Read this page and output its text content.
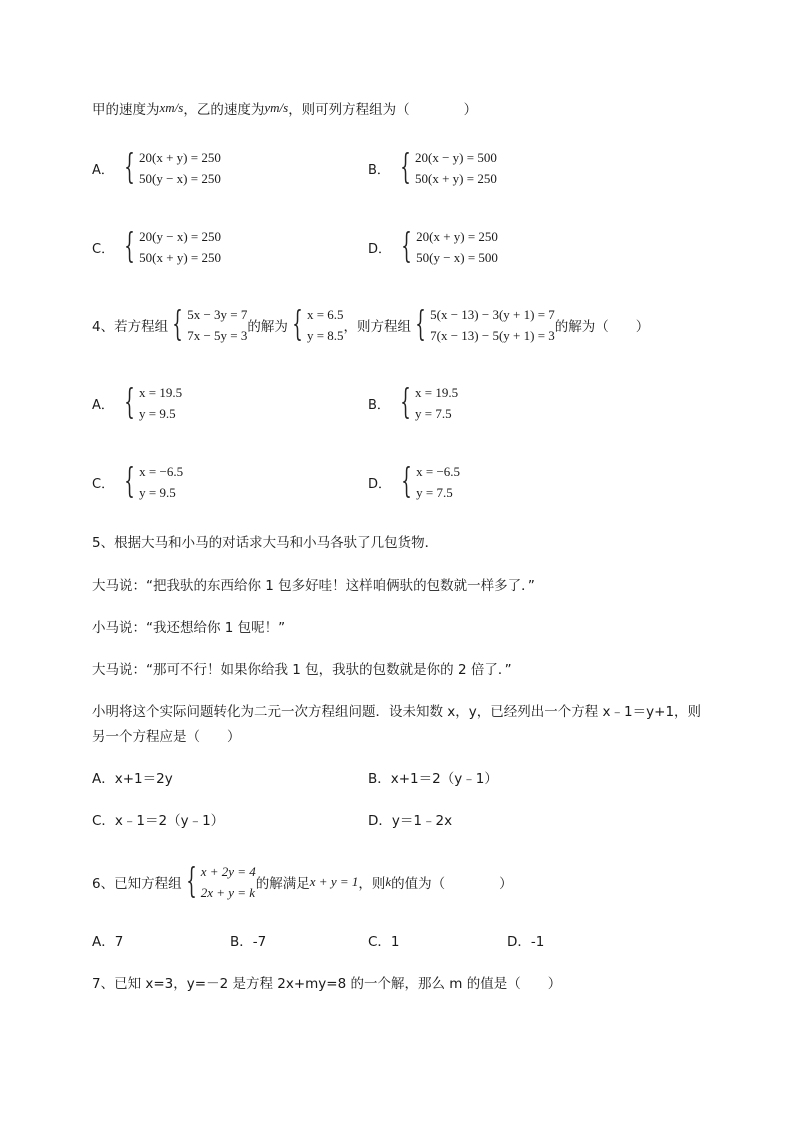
甲的速度为 xm/s ，乙的速度为 ym/s ，则可列方程组为（　　　　）
A． { 20(x + y) = 250
50(y − x) = 250
B． { 20(x − y) = 500
50(x + y) = 250
C． { 20(y − x) = 250
50(x + y) = 250
D． { 20(x + y) = 250
50(y − x) = 500
4、若方程组 { 5x − 3y = 7
7x − 5y = 3
的解为 { x = 6.5
y = 8.5
，则方程组 { 5(x − 13) − 3(y + 1) = 7
7(x − 13) − 5(y + 1) = 3
的解为（　　）
A． { x = 19.5
y = 9.5
B． { x = 19.5
y = 7.5
C． { x = −6.5
y = 9.5
D． { x = −6.5
y = 7.5
5、根据大马和小马的对话求大马和小马各驮了几包货物．
大马说：“把我驮的东西给你 1 包多好哇！这样咱俩驮的包数就一样多了．”
小马说：“我还想给你 1 包呢！”
大马说：“那可不行！如果你给我 1 包，我驮的包数就是你的 2 倍了．”
小明将这个实际问题转化为二元一次方程组问题．设未知数 x，y，已经列出一个方程 x﹣1＝y+1，则
另一个方程应是（　　）
A．x+1＝2y	B．x+1＝2（y﹣1）
C．x﹣1＝2（y﹣1）	D．y＝1﹣2x
6、已知方程组 { x + 2y = 4
2x + y = k
的解满足 x + y = 1 ，则 k 的值为（　　　　）
A．7	B．-7	C．1	D．-1
7、已知 x=3，y=－2 是方程 2x+my=8 的一个解，那么 m 的值是（　　）
